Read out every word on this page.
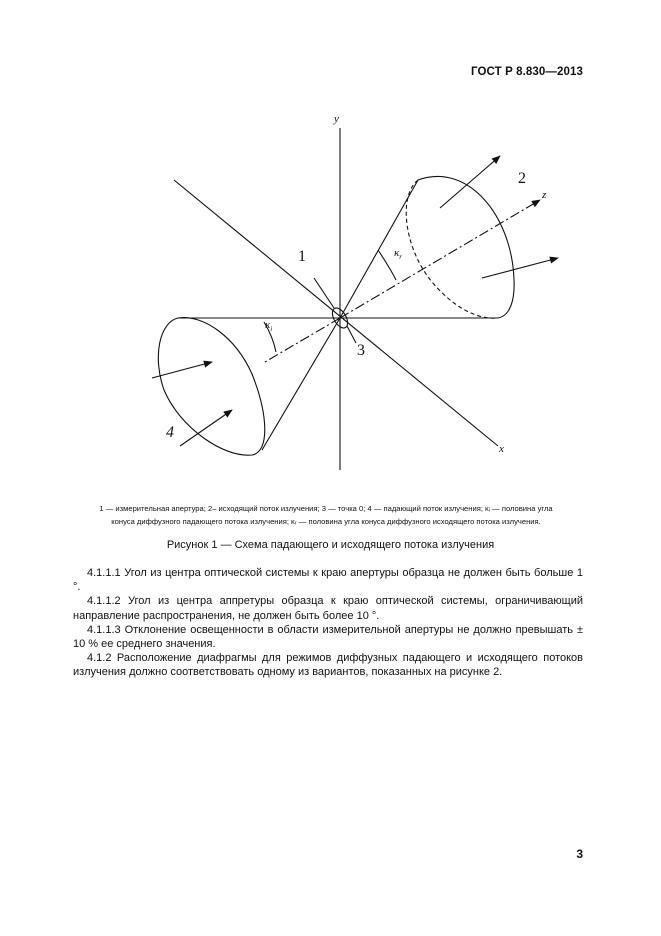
ГОСТ Р 8.830—2013
y
z
x
1
2
3
4
$\kappa_r$
$\kappa_i$
1 — измерительная апертура; 2– исходящий поток излучения; 3 — точка 0; 4 — падающий поток излучения; κᵢ — половина угла
конуса диффузного падающего потока излучения; κᵣ — половина угла конуса диффузного исходящего потока излучения.
Рисунок 1 — Схема падающего и исходящего потока излучения

4.1.1.1 Угол из центра оптической системы к краю апертуры образца не должен быть больше 1 °.

4.1.1.2 Угол из центра аппретуры образца к краю оптической системы, ограничивающий направление распространения, не должен быть более 10 °.

4.1.1.3 Отклонение освещенности в области измерительной апертуры не должно превышать ± 10 % ее среднего значения.

4.1.2 Расположение диафрагмы для режимов диффузных падающего и исходящего потоков излучения должно соответствовать одному из вариантов, показанных на рисунке 2.

3
